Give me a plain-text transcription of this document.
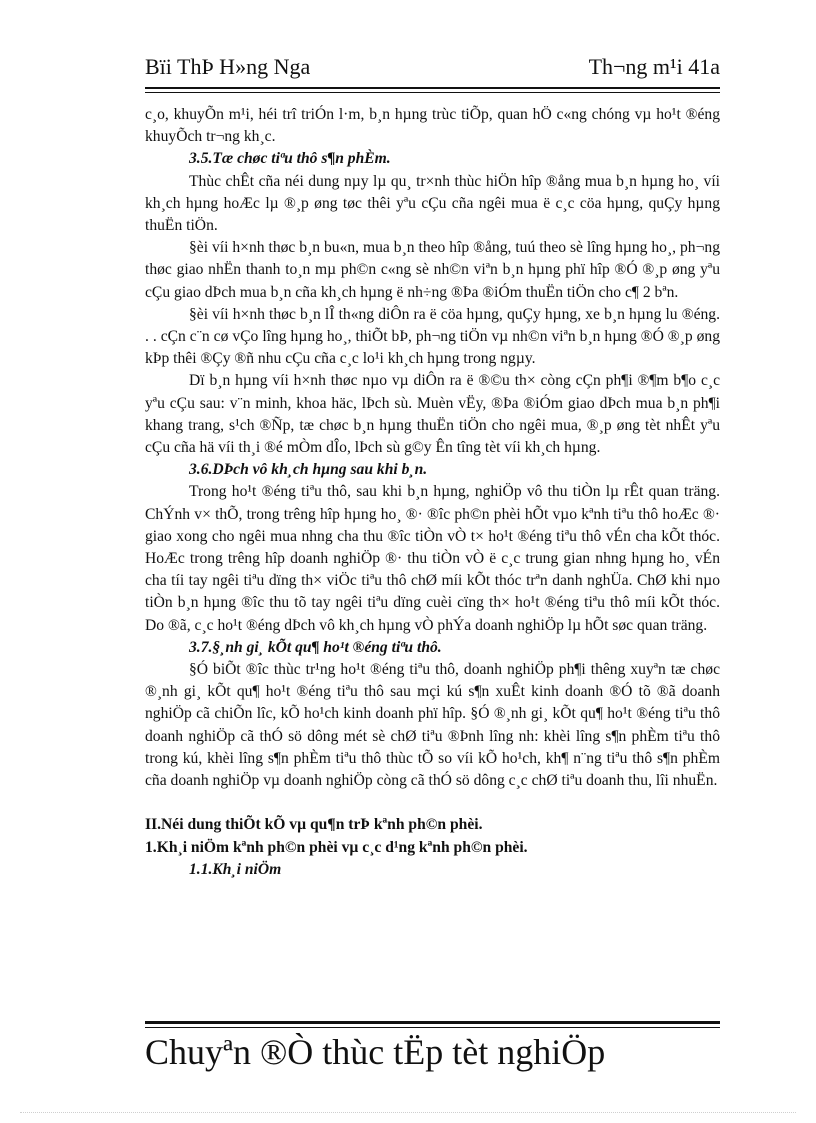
Bïi ThÞ H»ng Nga	Th¬ng m¹i 41a

c¸o, khuyÕn m¹i, héi trî triÓn l·m, b¸n hµng trùc tiÕp, quan hÖ c«ng chóng vµ ho¹t ®éng khuyÕch tr¬ng kh¸c.

3.5.Tæ chøc tiªu thô s¶n phÈm.

Thùc chÊt cña néi dung nµy lµ qu¸ tr×nh thùc hiÖn hîp ®ång mua b¸n hµng ho¸ víi kh¸ch hµng hoÆc lµ ®¸p øng tøc thêi yªu cÇu cña ngêi mua ë c¸c cöa hµng, quÇy hµng thuËn tiÖn.

§èi víi h×nh thøc b¸n bu«n, mua b¸n theo hîp ®ång, tuú theo sè lîng hµng ho¸, ph¬ng thøc giao nhËn thanh to¸n mµ ph©n c«ng sè nh©n viªn b¸n hµng phï hîp ®Ó ®¸p øng yªu cÇu giao dÞch mua b¸n cña kh¸ch hµng ë nh÷ng ®Þa ®iÓm thuËn tiÖn cho c¶ 2 bªn.

§èi víi h×nh thøc b¸n lÎ th«ng diÔn ra ë cöa hµng, quÇy hµng, xe b¸n hµng lu ®éng. . . cÇn c¨n cø vÇo lîng hµng ho¸, thiÕt bÞ, ph¬ng tiÖn vµ nh©n viªn b¸n hµng ®Ó ®¸p øng kÞp thêi ®Çy ®ñ nhu cÇu cña c¸c lo¹i kh¸ch hµng trong ngµy.

Dï b¸n hµng víi h×nh thøc nµo vµ diÔn ra ë ®©u th× còng cÇn ph¶i ®¶m b¶o c¸c yªu cÇu sau: v¨n minh, khoa häc, lÞch sù. Muèn vËy, ®Þa ®iÓm giao dÞch mua b¸n ph¶i khang trang, s¹ch ®Ñp, tæ chøc b¸n hµng thuËn tiÖn cho ngêi mua, ®¸p øng tèt nhÊt yªu cÇu cña hä víi th¸i ®é mÒm dÎo, lÞch sù g©y Ên tîng tèt víi kh¸ch hµng.

3.6.DÞch vô kh¸ch hµng sau khi b¸n.

Trong ho¹t ®éng tiªu thô, sau khi b¸n hµng, nghiÖp vô thu tiÒn lµ rÊt quan träng. ChÝnh v× thÕ, trong trêng hîp hµng ho¸ ®· ®îc ph©n phèi hÕt vµo kªnh tiªu thô hoÆc ®· giao xong cho ngêi mua nhng cha thu ®îc tiÒn vÒ t× ho¹t ®éng tiªu thô vÉn cha kÕt thóc. HoÆc trong trêng hîp doanh nghiÖp ®· thu tiÒn vÒ ë c¸c trung gian nhng hµng ho¸ vÉn cha tíi tay ngêi tiªu dïng th× viÖc tiªu thô chØ míi kÕt thóc trªn danh nghÜa. ChØ khi nµo tiÒn b¸n hµng ®îc thu tõ tay ngêi tiªu dïng cuèi cïng th× ho¹t ®éng tiªu thô míi kÕt thóc. Do ®ã, c¸c ho¹t ®éng dÞch vô kh¸ch hµng vÒ phÝa doanh nghiÖp lµ hÕt søc quan träng.

3.7.§¸nh gi¸ kÕt qu¶ ho¹t ®éng tiªu thô.

§Ó biÕt ®îc thùc tr¹ng ho¹t ®éng tiªu thô, doanh nghiÖp ph¶i thêng xuyªn tæ chøc ®¸nh gi¸ kÕt qu¶ ho¹t ®éng tiªu thô sau mçi kú s¶n xuÊt kinh doanh ®Ó tõ ®ã doanh nghiÖp cã chiÕn lîc, kÕ ho¹ch kinh doanh phï hîp. §Ó ®¸nh gi¸ kÕt qu¶ ho¹t ®éng tiªu thô doanh nghiÖp cã thÓ sö dông mét sè chØ tiªu ®Þnh lîng nh: khèi lîng s¶n phÈm tiªu thô trong kú, khèi lîng s¶n phÈm tiªu thô thùc tÕ so víi kÕ ho¹ch, kh¶ n¨ng tiªu thô s¶n phÈm cña doanh nghiÖp vµ doanh nghiÖp còng cã thÓ sö dông c¸c chØ tiªu doanh thu, lîi nhuËn.

II.Néi dung thiÕt kÕ vµ qu¶n trÞ kªnh ph©n phèi.
1.Kh¸i niÖm kªnh ph©n phèi vµ c¸c d¹ng kªnh ph©n phèi.
1.1.Kh¸i niÖm
Chuyªn ®Ò thùc tËp tèt nghiÖp
